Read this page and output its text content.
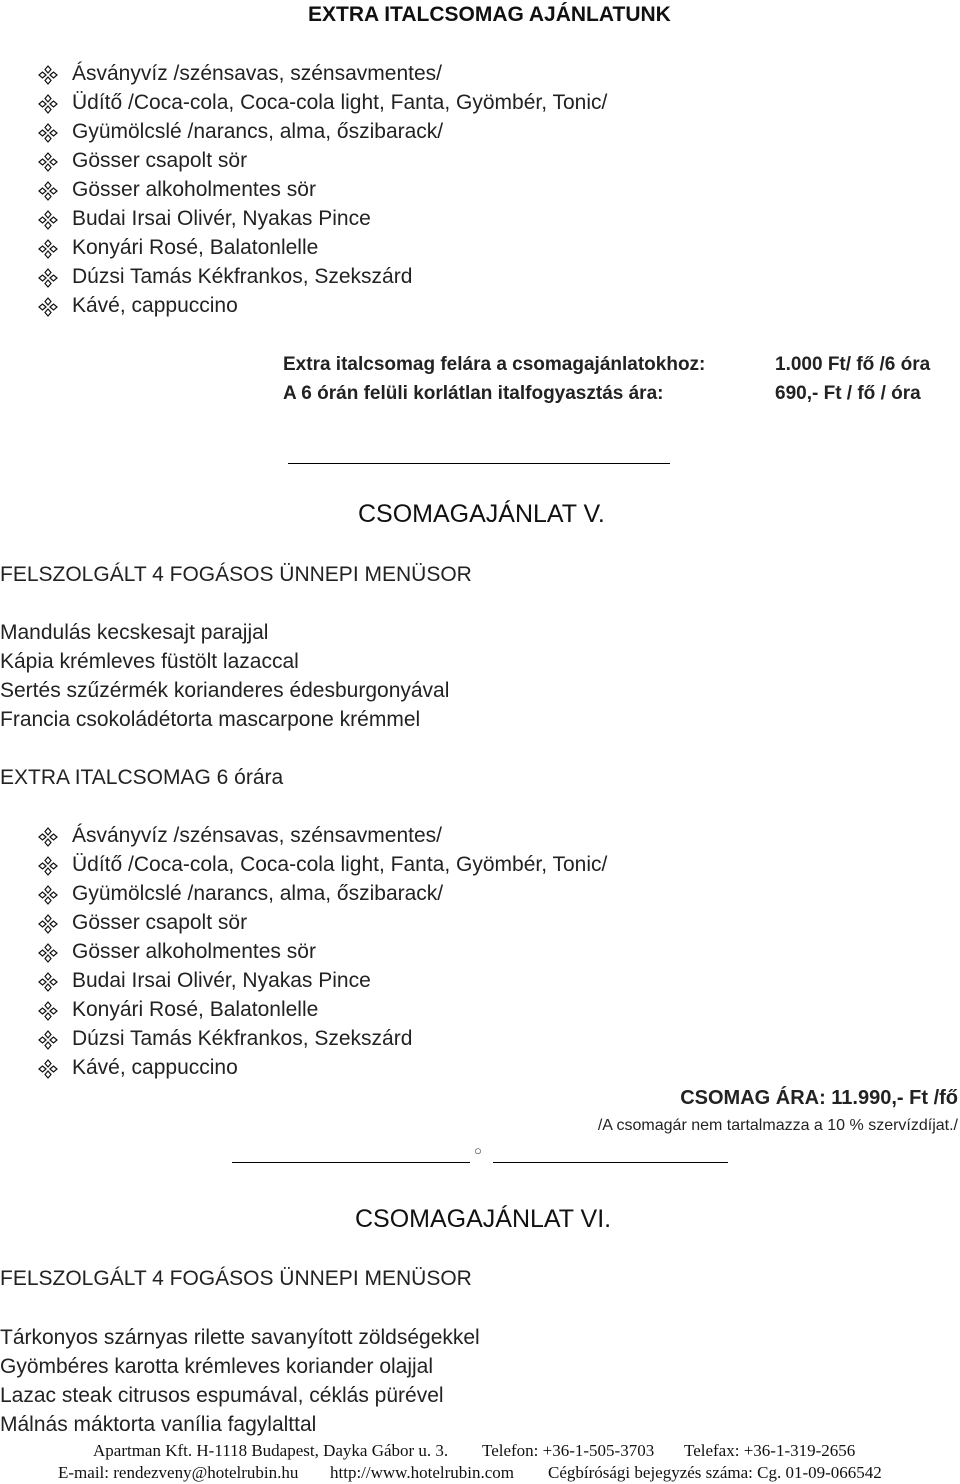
EXTRA ITALCSOMAG AJÁNLATUNK
Ásványvíz /szénsavas, szénsavmentes/
Üdítő /Coca-cola, Coca-cola light, Fanta, Gyömbér, Tonic/
Gyümölcslé /narancs, alma, őszibarack/
Gösser csapolt sör
Gösser alkoholmentes sör
Budai Irsai Olivér, Nyakas Pince
Konyári Rosé, Balatonlelle
Dúzsi Tamás Kékfrankos, Szekszárd
Kávé, cappuccino
Extra italcsomag felára a csomagajánlatokhoz:	1.000 Ft/ fő /6 óra
A 6 órán felüli korlátlan italfogyasztás ára:	690,- Ft / fő / óra
CSOMAGAJÁNLAT V.
FELSZOLGÁLT 4 FOGÁSOS ÜNNEPI MENÜSOR
Mandulás kecskesajt parajjal
Kápia krémleves füstölt lazaccal
Sertés szűzérmék korianderes édesburgonyával
Francia csokoládétorta mascarpone krémmel
EXTRA ITALCSOMAG 6 órára
Ásványvíz /szénsavas, szénsavmentes/
Üdítő /Coca-cola, Coca-cola light, Fanta, Gyömbér, Tonic/
Gyümölcslé /narancs, alma, őszibarack/
Gösser csapolt sör
Gösser alkoholmentes sör
Budai Irsai Olivér, Nyakas Pince
Konyári Rosé, Balatonlelle
Dúzsi Tamás Kékfrankos, Szekszárd
Kávé, cappuccino
CSOMAG ÁRA: 11.990,- Ft /fő
/A csomagár nem tartalmazza a 10 % szervízdíjat./
○
CSOMAGAJÁNLAT VI.
FELSZOLGÁLT 4 FOGÁSOS ÜNNEPI MENÜSOR
Tárkonyos szárnyas rilette savanyított zöldségekkel
Gyömbéres karotta krémleves koriander olajjal
Lazac steak citrusos espumával, céklás pürével
Málnás máktorta vanília fagylalttal
Apartman Kft. H-1118 Budapest, Dayka Gábor u. 3. Telefon: +36-1-505-3703 Telefax: +36-1-319-2656
E-mail: rendezveny@hotelrubin.hu http://www.hotelrubin.com Cégbírósági bejegyzés száma: Cg. 01-09-066542
